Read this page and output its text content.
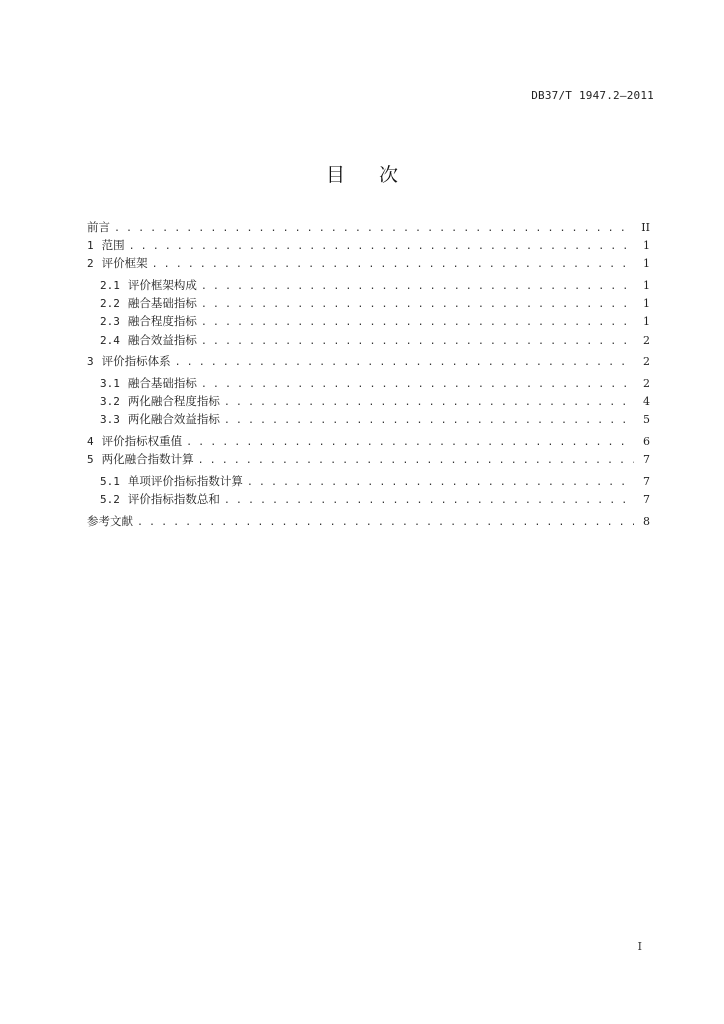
DB37/T 1947.2—2011
目次
前言 . . .	II
1 范围 . . .	1
2 评价框架 . . .	1
2.1 评价框架构成 . . .	1
2.2 融合基础指标 . . .	1
2.3 融合程度指标 . . .	1
2.4 融合效益指标 . . .	2
3 评价指标体系 . . .	2
3.1 融合基础指标 . . .	2
3.2 两化融合程度指标 . . .	4
3.3 两化融合效益指标 . . .	5
4 评价指标权重值 . . .	6
5 两化融合指数计算 . . .	7
5.1 单项评价指标指数计算 . . .	7
5.2 评价指标指数总和 . . .	7
参考文献 . . .	8
I
